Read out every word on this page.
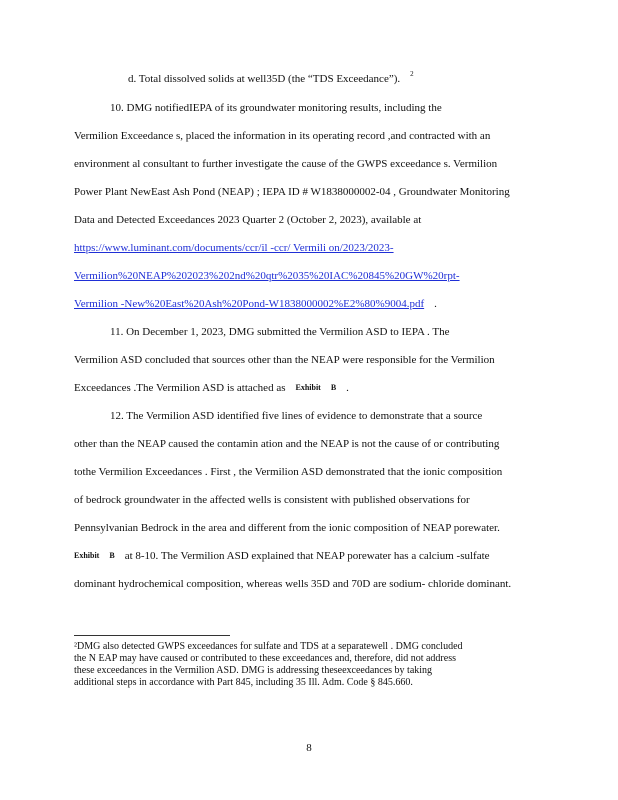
d. Total dissolved solids at well35D (the “TDS Exceedance”). 2
10. DMG notifiedIEPA of its groundwater monitoring results, including the
Vermilion Exceedance s, placed the information in its operating record ,and contracted with an
environment al consultant to further investigate the cause of the GWPS exceedance s. Vermilion
Power Plant NewEast Ash Pond (NEAP) ; IEPA ID # W1838000002-04 , Groundwater Monitoring
Data and Detected Exceedances 2023 Quarter 2 (October 2, 2023), available at
https://www.luminant.com/documents/ccr/il -ccr/ Vermili on/2023/2023-
Vermilion%20NEAP%202023%202nd%20qtr%2035%20IAC%20845%20GW%20rpt-
Vermilion -New%20East%20Ash%20Pond-W1838000002%E2%80%9004.pdf .
11. On December 1, 2023, DMG submitted the Vermilion ASD to IEPA . The
Vermilion ASD concluded that sources other than the NEAP were responsible for the Vermilion
Exceedances .The Vermilion ASD is attached as Exhibit B .
12. The Vermilion ASD identified five lines of evidence to demonstrate that a source
other than the NEAP caused the contamin ation and the NEAP is not the cause of or contributing
tothe Vermilion Exceedances . First , the Vermilion ASD demonstrated that the ionic composition
of bedrock groundwater in the affected wells is consistent with published observations for
Pennsylvanian Bedrock in the area and different from the ionic composition of NEAP porewater.
Exhibit B at 8-10. The Vermilion ASD explained that NEAP porewater has a calcium -sulfate
dominant hydrochemical composition, whereas wells 35D and 70D are sodium- chloride dominant.
²DMG also detected GWPS exceedances for sulfate and TDS at a separatewell . DMG concluded
the N EAP may have caused or contributed to these exceedances and, therefore, did not address
these exceedances in the Vermilion ASD. DMG is addressing theseexceedances by taking
additional steps in accordance with Part 845, including 35 Ill. Adm. Code § 845.660.
8
